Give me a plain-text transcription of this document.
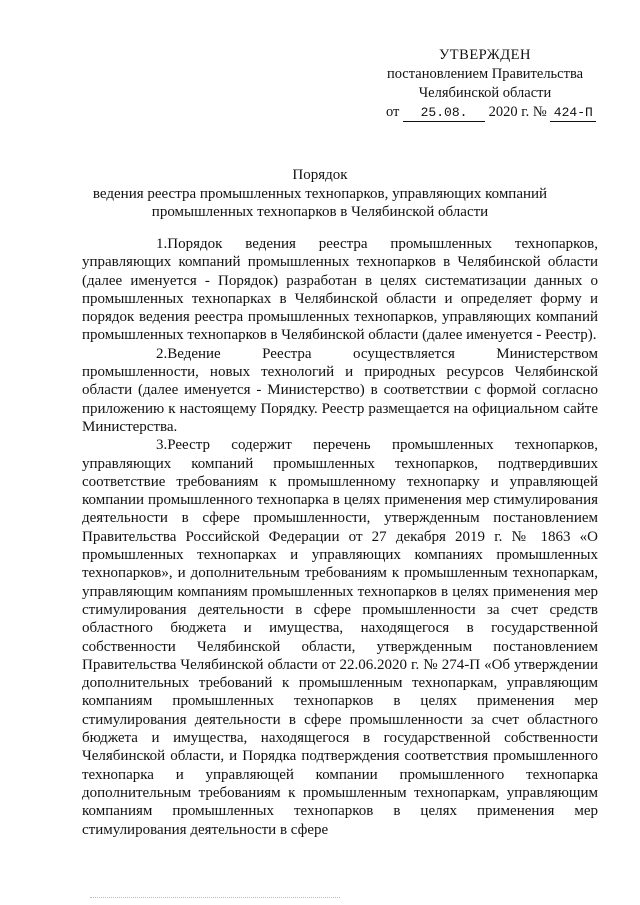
УТВЕРЖДЕН
постановлением Правительства
Челябинской области
от 25.08. 2020 г. № 424-П
Порядок
ведения реестра промышленных технопарков, управляющих компаний
промышленных технопарков в Челябинской области

1.Порядок ведения реестра промышленных технопарков, управляющих компаний промышленных технопарков в Челябинской области (далее именуется - Порядок) разработан в целях систематизации данных о промышленных технопарках в Челябинской области и определяет форму и порядок ведения реестра промышленных технопарков, управляющих компаний промышленных технопарков в Челябинской области (далее именуется - Реестр).

2.Ведение Реестра осуществляется Министерством промышленности, новых технологий и природных ресурсов Челябинской области (далее именуется - Министерство) в соответствии с формой согласно приложению к настоящему Порядку. Реестр размещается на официальном сайте Министерства.

3.Реестр содержит перечень промышленных технопарков, управляющих компаний промышленных технопарков, подтвердивших соответствие требованиям к промышленному технопарку и управляющей компании промышленного технопарка в целях применения мер стимулирования деятельности в сфере промышленности, утвержденным постановлением Правительства Российской Федерации от 27 декабря 2019 г. № 1863 «О промышленных технопарках и управляющих компаниях промышленных технопарков», и дополнительным требованиям к промышленным технопаркам, управляющим компаниям промышленных технопарков в целях применения мер стимулирования деятельности в сфере промышленности за счет средств областного бюджета и имущества, находящегося в государственной собственности Челябинской области, утвержденным постановлением Правительства Челябинской области от 22.06.2020 г. № 274-П «Об утверждении дополнительных требований к промышленным технопаркам, управляющим компаниям промышленных технопарков в целях применения мер стимулирования деятельности в сфере промышленности за счет областного бюджета и имущества, находящегося в государственной собственности Челябинской области, и Порядка подтверждения соответствия промышленного технопарка и управляющей компании промышленного технопарка дополнительным требованиям к промышленным технопаркам, управляющим компаниям промышленных технопарков в целях применения мер стимулирования деятельности в сфере
